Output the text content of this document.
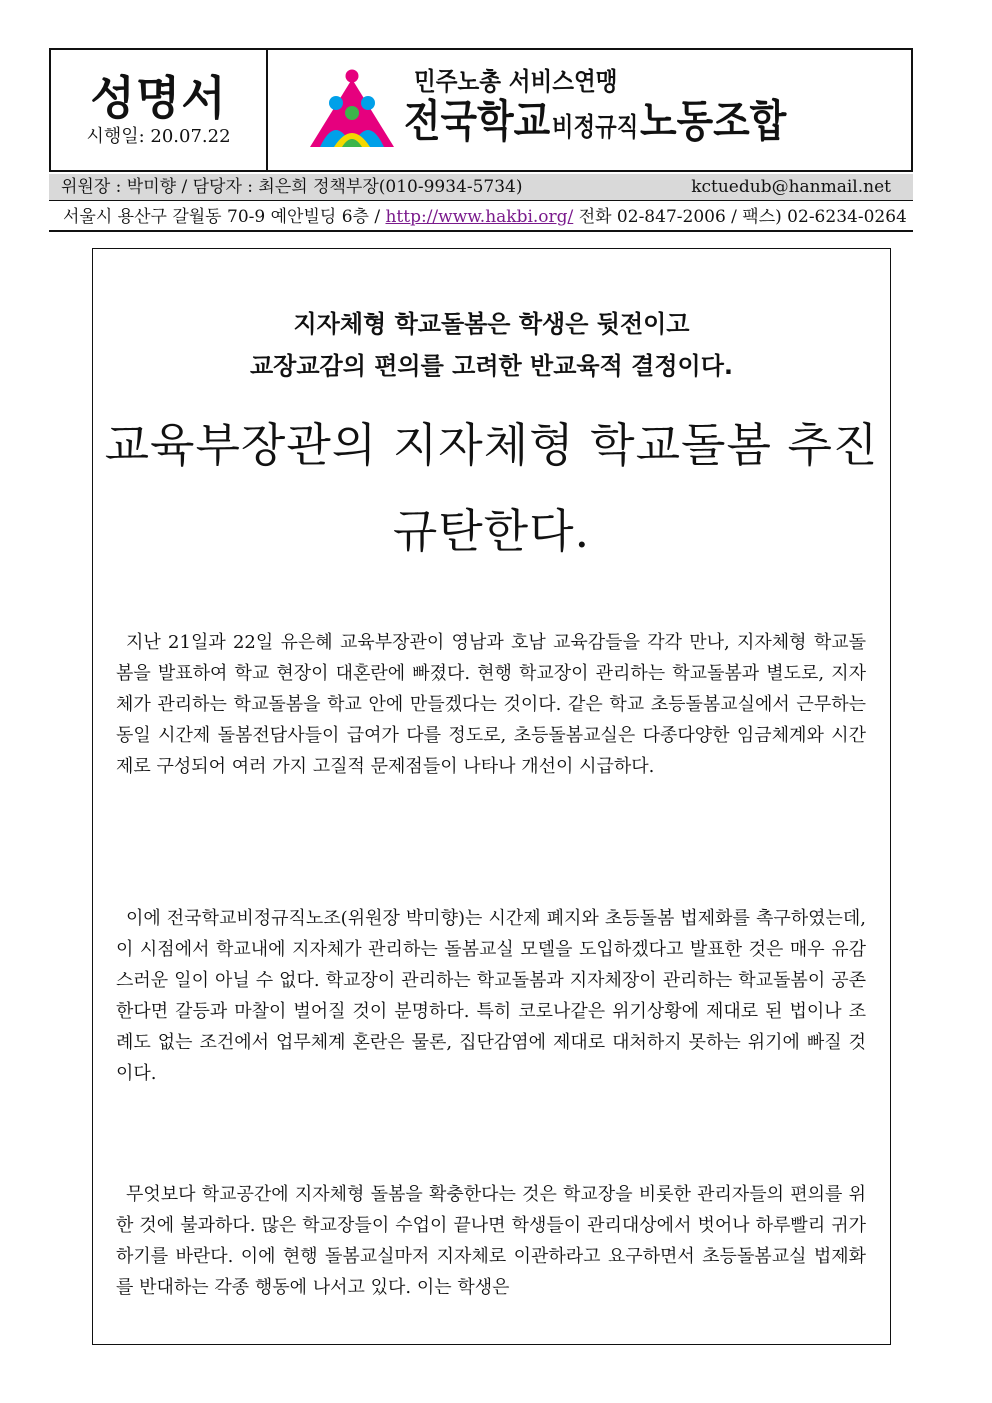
성명서
시행일: 20.07.22
민주노총 서비스연맹
전국학교 비정규직 노동조합
위원장 : 박미향 / 담당자 : 최은희 정책부장(010-9934-5734)	kctuedub@hanmail.net
서울시 용산구 갈월동 70-9 예안빌딩 6층 / http://www.hakbi.org/ 전화 02-847-2006 / 팩스) 02-6234-0264
지자체형 학교돌봄은 학생은 뒷전이고
교장교감의 편의를 고려한 반교육적 결정이다.
교육부장관의 지자체형 학교돌봄 추진
규탄한다.

지난 21일과 22일 유은혜 교육부장관이 영남과 호남 교육감들을 각각 만나, 지자체형 학교돌봄을 발표하여 학교 현장이 대혼란에 빠졌다. 현행 학교장이 관리하는 학교돌봄과 별도로, 지자체가 관리하는 학교돌봄을 학교 안에 만들겠다는 것이다. 같은 학교 초등돌봄교실에서 근무하는 동일 시간제 돌봄전담사들이 급여가 다를 정도로, 초등돌봄교실은 다종다양한 임금체계와 시간제로 구성되어 여러 가지 고질적 문제점들이 나타나 개선이 시급하다.

이에 전국학교비정규직노조(위원장 박미향)는 시간제 폐지와 초등돌봄 법제화를 촉구하였는데, 이 시점에서 학교내에 지자체가 관리하는 돌봄교실 모델을 도입하겠다고 발표한 것은 매우 유감스러운 일이 아닐 수 없다. 학교장이 관리하는 학교돌봄과 지자체장이 관리하는 학교돌봄이 공존한다면 갈등과 마찰이 벌어질 것이 분명하다. 특히 코로나같은 위기상황에 제대로 된 법이나 조례도 없는 조건에서 업무체계 혼란은 물론, 집단감염에 제대로 대처하지 못하는 위기에 빠질 것이다.

무엇보다 학교공간에 지자체형 돌봄을 확충한다는 것은 학교장을 비롯한 관리자들의 편의를 위한 것에 불과하다. 많은 학교장들이 수업이 끝나면 학생들이 관리대상에서 벗어나 하루빨리 귀가하기를 바란다. 이에 현행 돌봄교실마저 지자체로 이관하라고 요구하면서 초등돌봄교실 법제화를 반대하는 각종 행동에 나서고 있다. 이는 학생은
